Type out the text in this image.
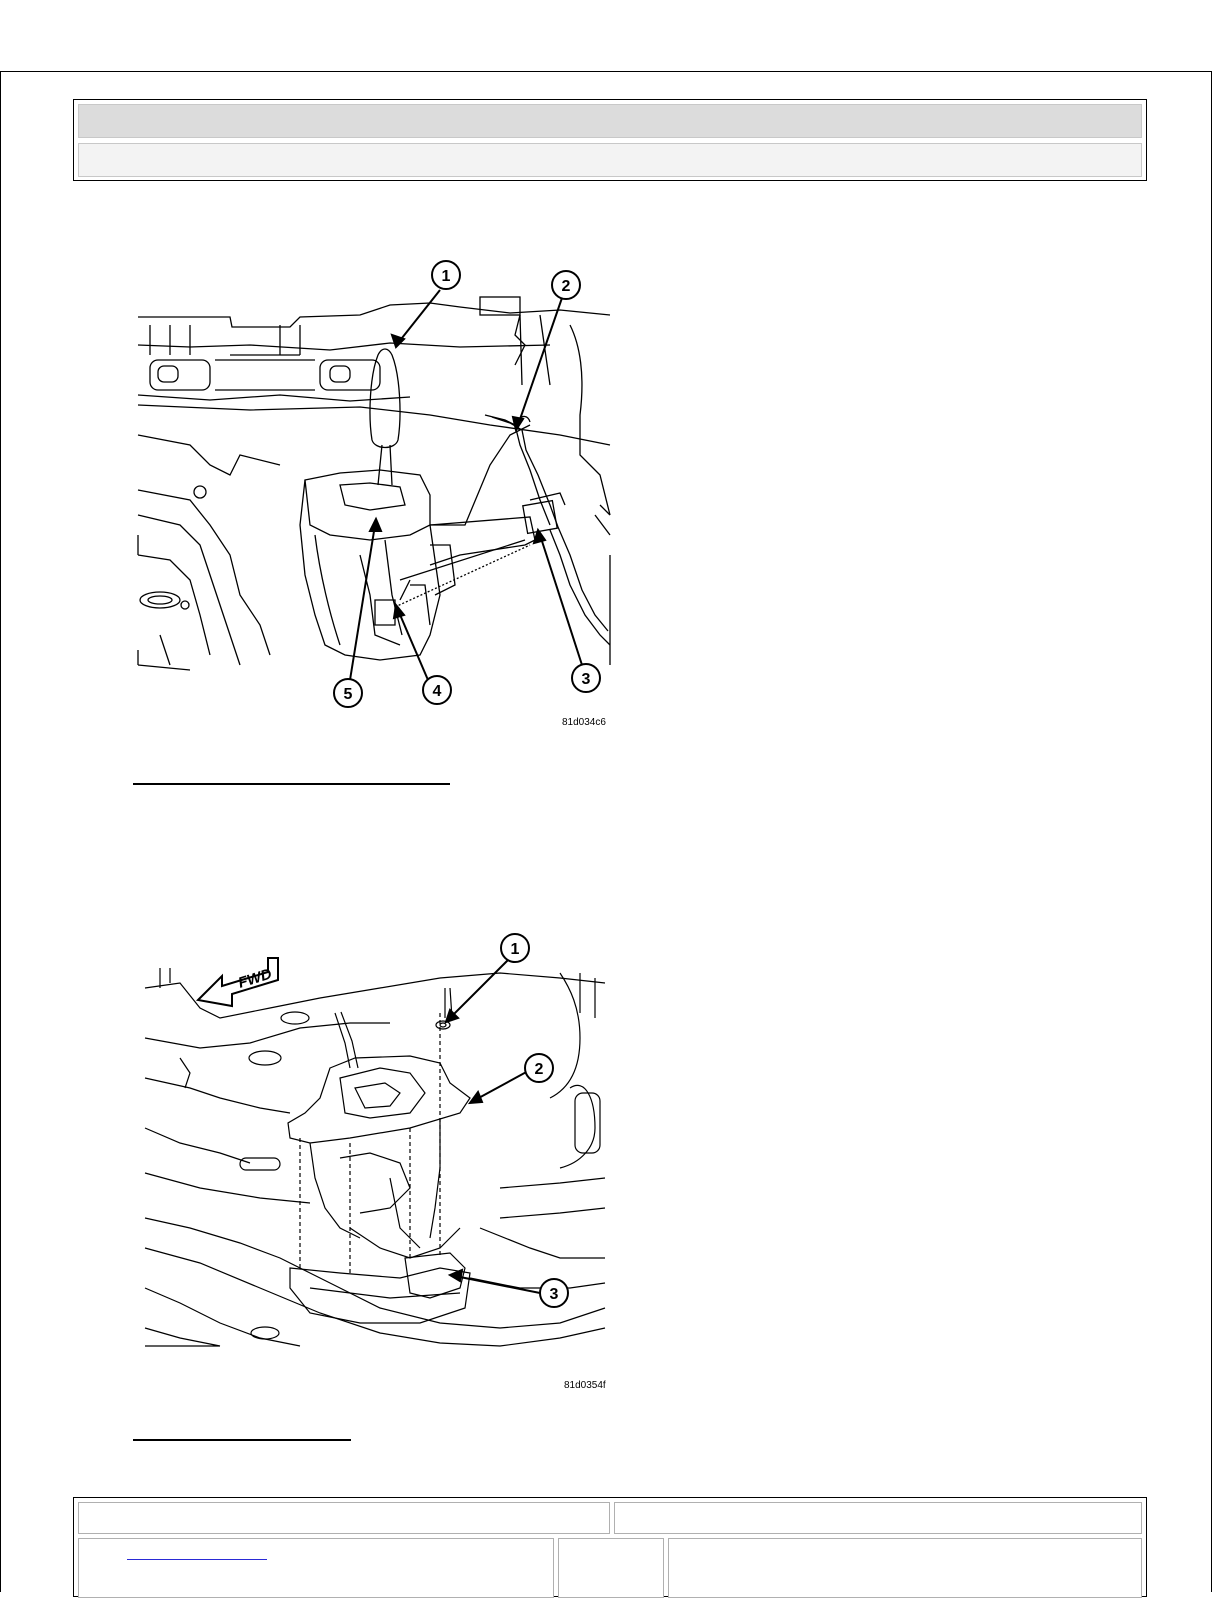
1
2
3
4
5
81d034c6
FWD
1
2
3
81d0354f
